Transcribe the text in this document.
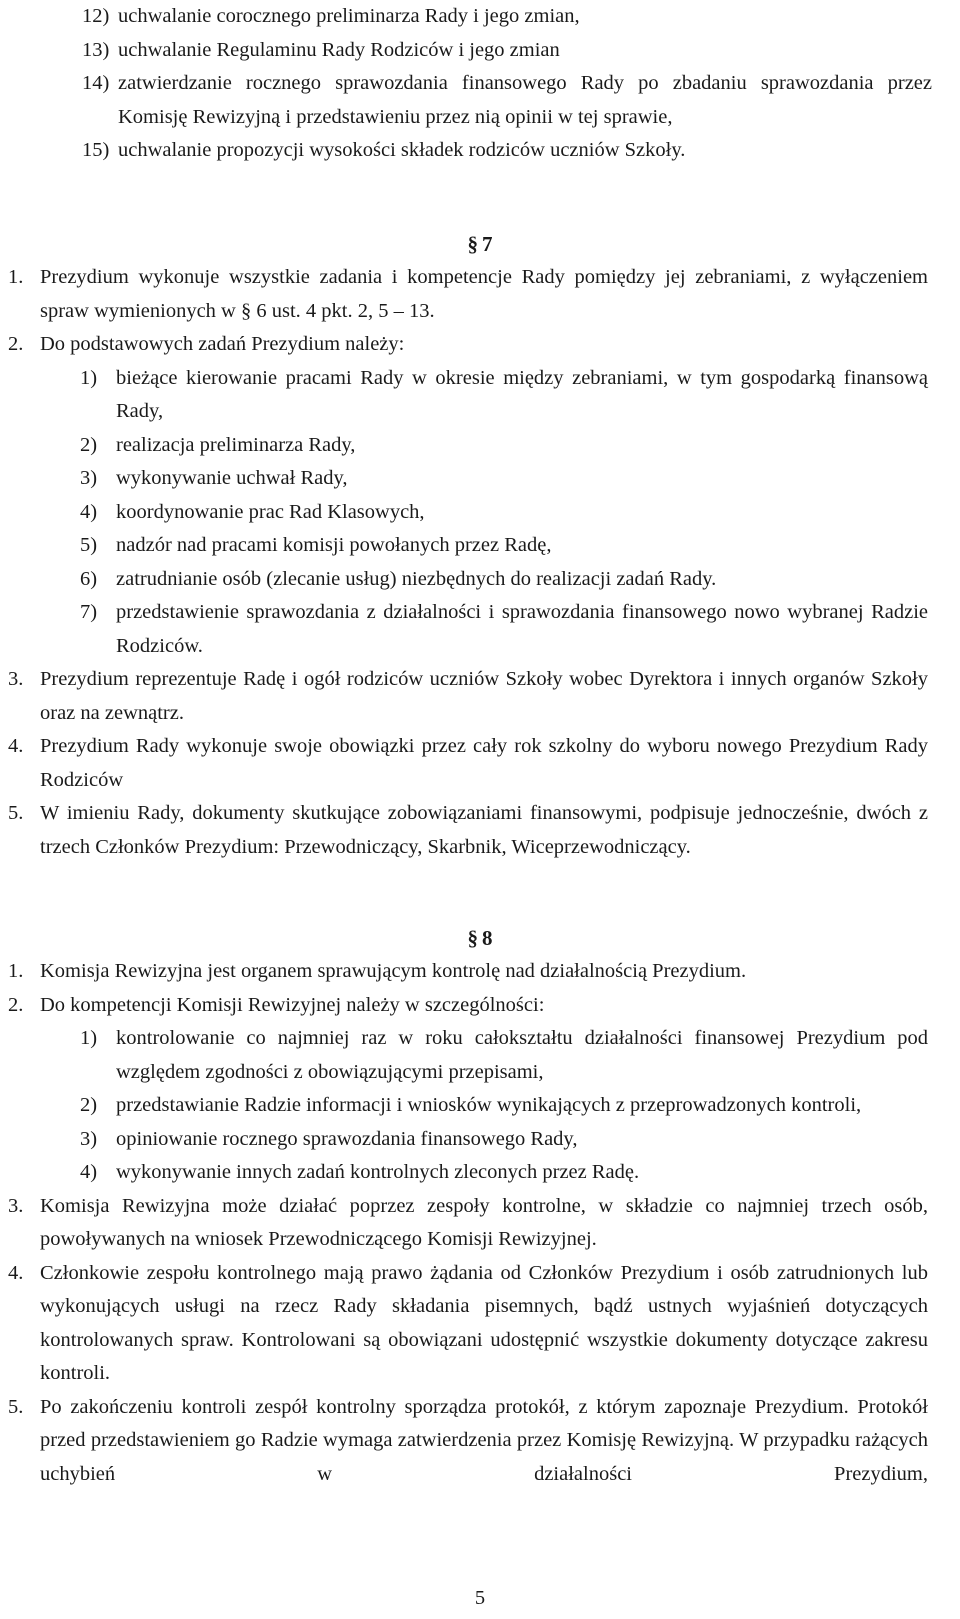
12) uchwalanie corocznego preliminarza Rady i jego zmian,
13) uchwalanie Regulaminu Rady Rodziców i jego zmian
14) zatwierdzanie rocznego sprawozdania finansowego Rady po zbadaniu sprawozdania przez Komisję Rewizyjną i przedstawieniu przez nią opinii w tej sprawie,
15) uchwalanie propozycji wysokości składek rodziców uczniów Szkoły.
§ 7
1. Prezydium wykonuje wszystkie zadania i kompetencje Rady pomiędzy jej zebraniami, z wyłączeniem spraw wymienionych w § 6 ust. 4 pkt. 2, 5 – 13.
2. Do podstawowych zadań Prezydium należy:
1) bieżące kierowanie pracami Rady w okresie między zebraniami, w tym gospodarką finansową Rady,
2) realizacja preliminarza Rady,
3) wykonywanie uchwał Rady,
4) koordynowanie prac Rad Klasowych,
5) nadzór nad pracami komisji powołanych przez Radę,
6) zatrudnianie osób (zlecanie usług) niezbędnych do realizacji zadań Rady.
7) przedstawienie sprawozdania z działalności i sprawozdania finansowego nowo wybranej Radzie Rodziców.
3. Prezydium reprezentuje Radę i ogół rodziców uczniów Szkoły wobec Dyrektora i innych organów Szkoły oraz na zewnątrz.
4. Prezydium Rady wykonuje swoje obowiązki przez cały rok szkolny do wyboru nowego Prezydium Rady Rodziców
5. W imieniu Rady, dokumenty skutkujące zobowiązaniami finansowymi, podpisuje jednocześnie, dwóch z trzech Członków Prezydium: Przewodniczący, Skarbnik, Wiceprzewodniczący.
§ 8
1. Komisja Rewizyjna jest organem sprawującym kontrolę nad działalnością Prezydium.
2. Do kompetencji Komisji Rewizyjnej należy w szczególności:
1) kontrolowanie co najmniej raz w roku całokształtu działalności finansowej Prezydium pod względem zgodności z obowiązującymi przepisami,
2) przedstawianie Radzie informacji i wniosków wynikających z przeprowadzonych kontroli,
3) opiniowanie rocznego sprawozdania finansowego Rady,
4) wykonywanie innych zadań kontrolnych zleconych przez Radę.
3. Komisja Rewizyjna może działać poprzez zespoły kontrolne, w składzie co najmniej trzech osób, powoływanych na wniosek Przewodniczącego Komisji Rewizyjnej.
4. Członkowie zespołu kontrolnego mają prawo żądania od Członków Prezydium i osób zatrudnionych lub wykonujących usługi na rzecz Rady składania pisemnych, bądź ustnych wyjaśnień dotyczących kontrolowanych spraw. Kontrolowani są obowiązani udostępnić wszystkie dokumenty dotyczące zakresu kontroli.
5. Po zakończeniu kontroli zespół kontrolny sporządza protokół, z którym zapoznaje Prezydium. Protokół przed przedstawieniem go Radzie wymaga zatwierdzenia przez Komisję Rewizyjną. W przypadku rażących uchybień w działalności Prezydium,
5
